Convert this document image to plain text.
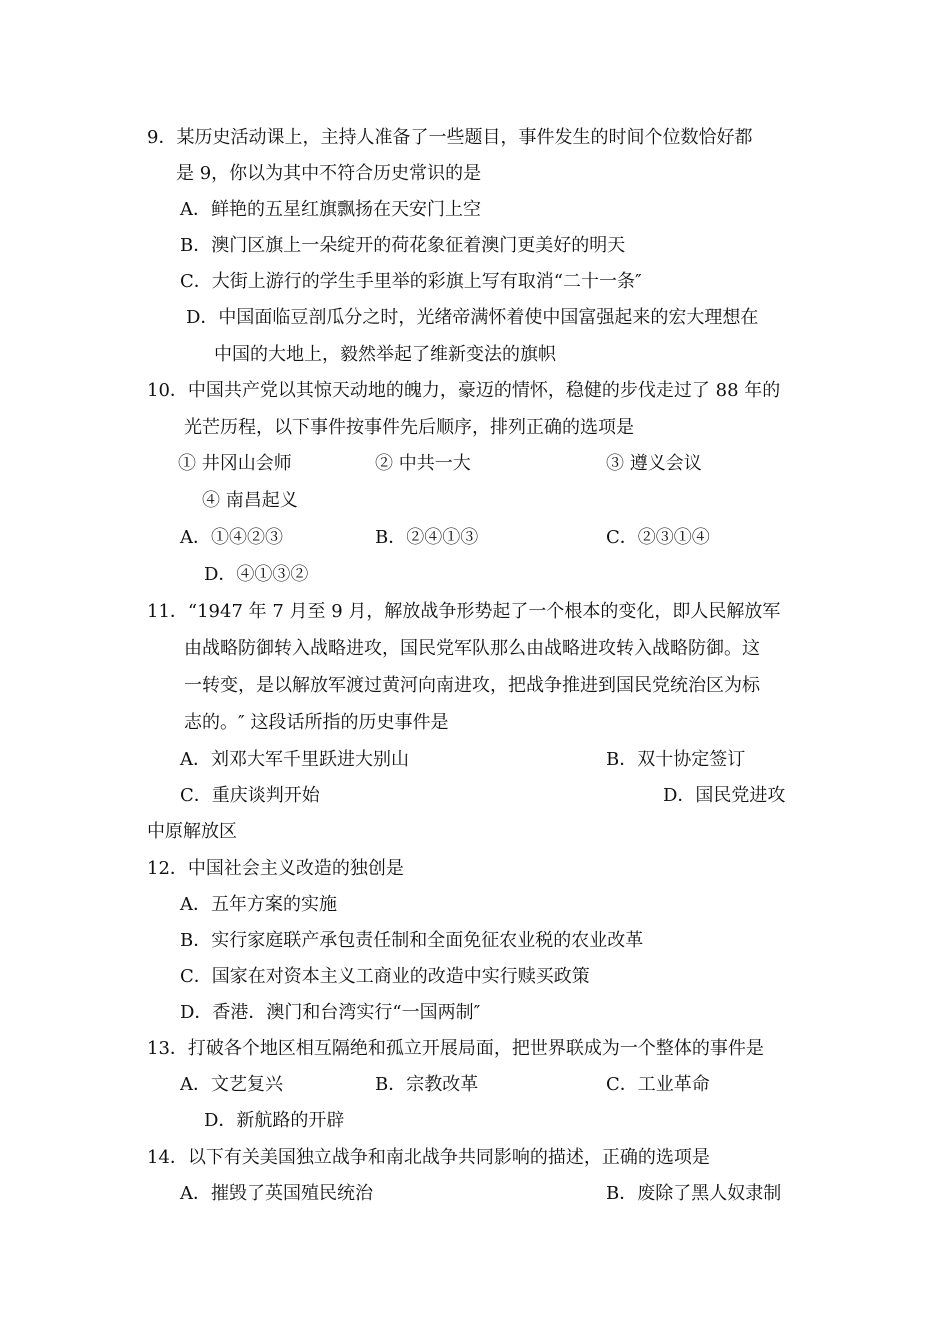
9．某历史活动课上，主持人准备了一些题目，事件发生的时间个位数恰好都
是 9，你以为其中不符合历史常识的是
A．鲜艳的五星红旗飘扬在天安门上空
B．澳门区旗上一朵绽开的荷花象征着澳门更美好的明天
C．大街上游行的学生手里举的彩旗上写有取消“二十一条″
D．中国面临豆剖瓜分之时，光绪帝满怀着使中国富强起来的宏大理想在
中国的大地上，毅然举起了维新变法的旗帜
10．中国共产党以其惊天动地的魄力，豪迈的情怀，稳健的步伐走过了 88 年的
光芒历程，以下事件按事件先后顺序，排列正确的选项是
① 井冈山会师	② 中共一大	③ 遵义会议
④ 南昌起义
A．①④②③	B．②④①③	C．②③①④
D．④①③②
11．“1947 年 7 月至 9 月，解放战争形势起了一个根本的变化，即人民解放军
由战略防御转入战略进攻，国民党军队那么由战略进攻转入战略防御。这
一转变，是以解放军渡过黄河向南进攻，把战争推进到国民党统治区为标
志的。″ 这段话所指的历史事件是
A．刘邓大军千里跃进大别山	B．双十协定签订
C．重庆谈判开始	D．国民党进攻
中原解放区
12．中国社会主义改造的独创是
A．五年方案的实施
B．实行家庭联产承包责任制和全面免征农业税的农业改革
C．国家在对资本主义工商业的改造中实行赎买政策
D．香港．澳门和台湾实行“一国两制″
13．打破各个地区相互隔绝和孤立开展局面，把世界联成为一个整体的事件是
A．文艺复兴	B．宗教改革	C．工业革命
D．新航路的开辟
14．以下有关美国独立战争和南北战争共同影响的描述，正确的选项是
A．摧毁了英国殖民统治	B．废除了黑人奴隶制
